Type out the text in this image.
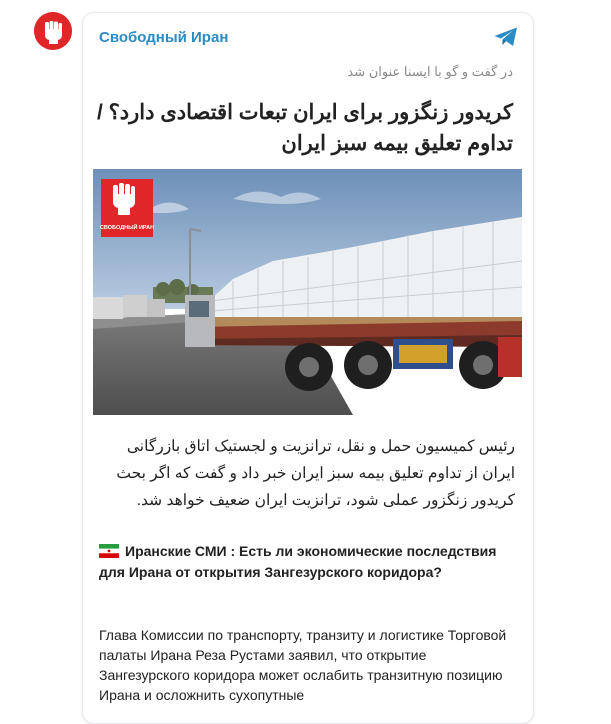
Свободный Иран
در گفت و گو با ایسنا عنوان شد
کریدور زنگزور برای ایران تبعات اقتصادی دارد؟ / تداوم تعلیق بیمه سبز ایران
СВОБОДНЫЙ ИРАН
رئیس کمیسیون حمل و نقل، ترانزیت و لجستیک اتاق بازرگانی ایران از تداوم تعلیق بیمه سبز ایران خبر داد و گفت که اگر بحث کریدور زنگزور عملی شود، ترانزیت ایران ضعیف خواهد شد.
Иранские СМИ : Есть ли экономические последствия для Ирана от открытия Зангезурского коридора?
Глава Комиссии по транспорту, транзиту и логистике Торговой палаты Ирана Реза Рустами заявил, что открытие Зангезурского коридора может ослабить транзитную позицию Ирана и осложнить сухопутные
